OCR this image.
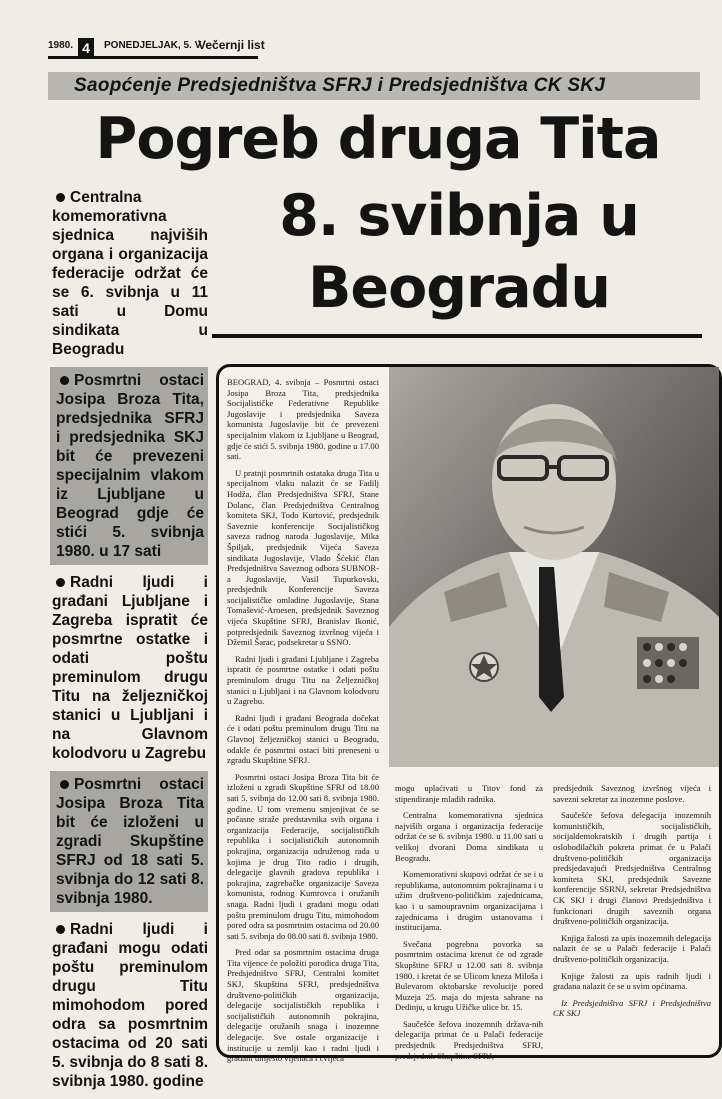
1980. 4	PONEDJELJAK, 5. V
Večernji list
Saopćenje Predsjedništva SFRJ i Predsjedništva CK SKJ
Pogreb druga Tita
8. svibnja u
Beogradu
Centralna komemorativna sjednica najviših organa i organizacija federacije održat će se 6. svibnja u 11 sati u Domu sindikata u Beogradu
Posmrtni ostaci Josipa Broza Tita, predsjednika SFRJ i predsjednika SKJ bit će prevezeni specijalnim vlakom iz Ljubljane u Beograd gdje će stići 5. svibnja 1980. u 17 sati
Radni ljudi i građani Ljubljane i Zagreba ispratit će posmrtne ostatke i odati poštu preminulom drugu Titu na željezničkoj stanici u Ljubljani i na Glavnom kolodvoru u Zagrebu
Posmrtni ostaci Josipa Broza Tita bit će izloženi u zgradi Skupštine SFRJ od 18 sati 5. svibnja do 12 sati 8. svibnja 1980.
Radni ljudi i građani mogu odati poštu preminulom drugu Titu mimohodom pored odra sa posmrtnim ostacima od 20 sati 5. svibnja do 8 sati 8. svibnja 1980. godine

BEOGRAD, 4. svibnja – Posmrtni ostaci Josipa Broza Tita, predsjednika Socijalističke Federativne Republike Jugoslavije i predsjednika Saveza komunista Jugoslavije bit će prevezeni specijalnim vlakom iz Ljubljane u Beograd, gdje će stići 5. svibnja 1980. godine u 17.00 sati.

U pratnji posmrtnih ostataka druga Tita u specijalnom vlaku nalazit će se Fadilj Hodža, član Predsjedništva SFRJ, Stane Dolanc, član Predsjedništva Centralnog komiteta SKJ, Todo Kurtović, predsjednik Saveznie konferencije Socijalističkog saveza radnog naroda Jugoslavije, Mika Špiljak, predsjednik Vijeća Saveza sindikata Jugoslavije, Vlado Šćekić član Predsjedništva Saveznog odbora SUBNOR-a Jugoslavije, Vasil Tupurkovski, predsjednik Konferencije Saveza socijalističke omladine Jugoslavije, Stana Tomašević-Arnesen, predsjednik Saveznog vijeća Skupštine SFRJ, Branislav Ikonić, potpredsjednik Saveznog izvršnog vijeća i Džemil Šarac, podsekretar u SSNO.

Radni ljudi i građani Ljubljane i Zagreba ispratit će posmrtne ostatke i odati poštu preminulom drugu Titu na Željezničkoj stanici u Ljubljani i na Glavnom kolodvoru u Zagrebu.

Radni ljudi i građani Beograda dočekat će i odati poštu preminulom drugu Titu na Glavnoj željezničkoj stanici u Beogradu, odakle će posmrtni ostaci biti preneseni u zgradu Skupštine SFRJ.

Posmrtni ostaci Josipa Broza Tita bit će izloženi u zgradi Skupštine SFRJ od 18.00 sati 5. svibnja do 12.00 sati 8. svibnja 1980. godine. U tom vremenu smjenjivat će se počasne straže predstavnika svih organa i organizacija Federacije, socijalističkih republika i socijalističkih autonomnih pokrajina, organizacija udruženog rada u kojima je drug Tito radio i drugih, delegacije glavnih gradova republika i pokrajina, zagrebačke organizacije Saveza komunista, rodnog Kumrovca i oružanih snaga. Radni ljudi i građani mogu odati poštu preminulom drugu Titu, mimohodom pored odra sa posmrtnim ostacima od 20.00 sati 5. svibnja do 08.00 sati 8. svibnja 1980.

Pred odar sa posmrtnim ostacima druga Tita vijence će položiti porodica druga Tita, Predsjedništvo SFRJ, Centralni komitet SKJ, Skupština SFRJ, predsjedništva društveno-političkih organizacija, delegacije socijalističkih republika i socijalističkih autonomnih pokrajina, delegacije oružanih snaga i inozemne delegacije. Sve ostale organizacije i institucije u zemlji kao i radni ljudi i građani umjesto vijenaca i cvijeća

mogu uplaćivati u Titov fond za stipendiranje mladih radnika.

Centralna komemorativna sjednica najviših organa i organizacija federacije održat će se 6. svibnja 1980. u 11.00 sati u velikoj dvorani Doma sindikata u Beogradu.

Komemorativni skupovi održat će se i u republikama, autonomnim pokrajinama i u užim društveno-političkim zajednicama, kao i u samoupravnim organizacijama i zajednicama i drugim ustanovama i institucijama.

Svečana pogrebna povorka sa posmrtnim ostacima krenut će od zgrade Skupštine SFRJ u 12.00 sati 8. svibnja 1980. i kretat će se Ulicom kneza Miloša i Bulevarom oktobarske revolucije pored Muzeja 25. maja do mjesta sahrane na Dedinju, u krugu Užičke ulice br. 15.

Saučešće šefova inozemnih država-nih delegacija primat će u Palači federacije predsjednik Predsjedništva SFRJ, predsjednik Skupštine SFRJ,

predsjednik Saveznog izvršnog vijeća i savezni sekretar za inozemne poslove.

Saučešće šefova delegacija inozemnih komunističkih, socijalističkih, socijaldemokratskih i drugih partija i oslobodilačkih pokreta primat će u Palači društveno-političkih organizacija predsjedavajući Predsjedništva Centralnog komiteta SKJ, predsjednik Savezne konferencije SSRNJ, sekretar Predsjedništva CK SKJ i drugi članovi Predsjedništva i funkcionari drugih saveznih organa društveno-političkih organizacija.

Knjiga žalosti za upis inozemnih delegacija nalazit će se u Palači federacije i Palači društveno-političkih organizacija.

Knjige žalosti za upis radnih ljudi i građana nalazit će se u svim općinama.

Iz Predsjedništva SFRJ i Predsjedništva CK SKJ
